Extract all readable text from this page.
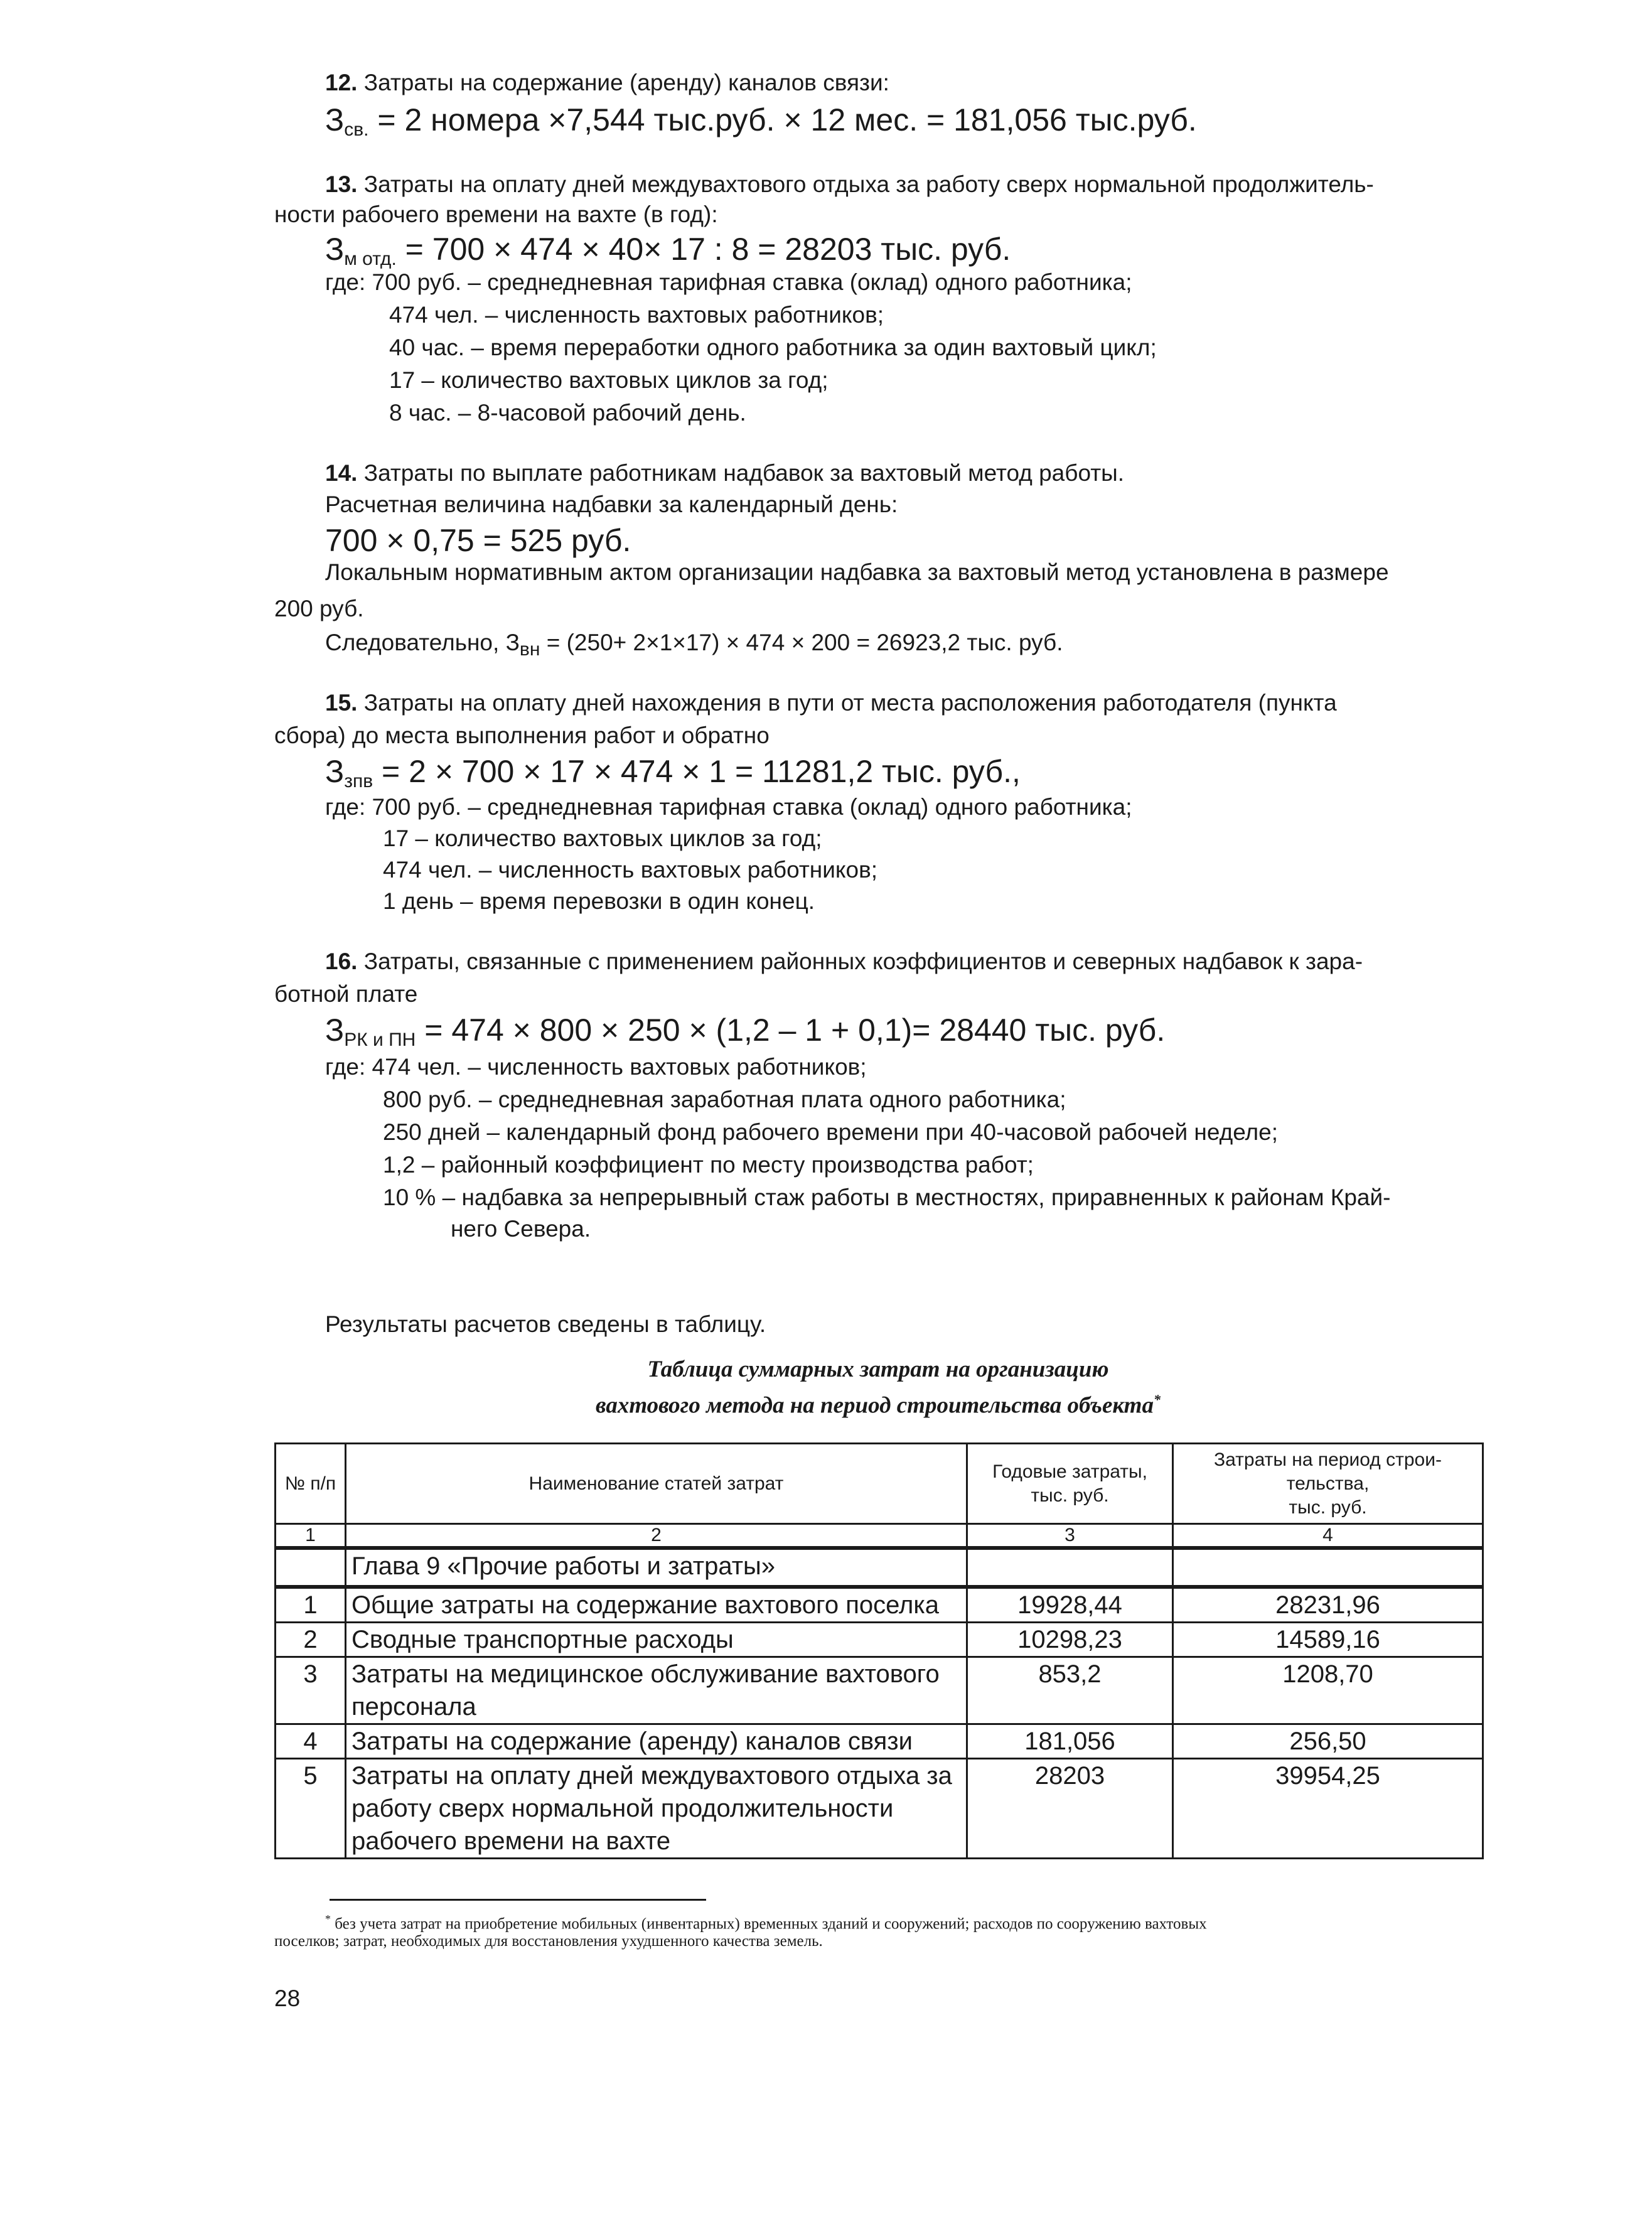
12. Затраты на содержание (аренду) каналов связи:
$З_{св.} = 2$ номера ×7,544 тыс.руб. × 12 мес. = 181,056 тыс.руб.
13. Затраты на оплату дней междувахтового отдыха за работу сверх нормальной продолжитель-
ности рабочего времени на вахте (в год):
$З_{м отд.} = 700 \times 474 \times 40\times 17$ : 8 = 28203 тыс. руб.
где: 700 руб. – среднедневная тарифная ставка (оклад) одного работника;
474 чел. – численность вахтовых работников;
40 час. – время переработки одного работника за один вахтовый цикл;
17 – количество вахтовых циклов за год;
8 час. – 8-часовой рабочий день.
14. Затраты по выплате работникам надбавок за вахтовый метод работы.
Расчетная величина надбавки за календарный день:
700 × 0,75 = 525 руб.
Локальным нормативным актом организации надбавка за вахтовый метод установлена в размере
200 руб.
Следовательно, $З_{вн} = (250+ 2\times 1\times 17) \times 474 \times 200 = 26923,2$ тыс. руб.
15. Затраты на оплату дней нахождения в пути от места расположения работодателя (пункта
сбора) до места выполнения работ и обратно
$З_{зпв} = 2 \times 700 \times 17 \times 474 \times 1 = 11281,2$ тыс. руб.,
где: 700 руб. – среднедневная тарифная ставка (оклад) одного работника;
17 – количество вахтовых циклов за год;
474 чел. – численность вахтовых работников;
1 день – время перевозки в один конец.
16. Затраты, связанные с применением районных коэффициентов и северных надбавок к зара-
ботной плате
$З_{РК и ПН} = 474 \times 800 \times 250 \times (1,2 - 1 + 0,1)= 28440$ тыс. руб.
где: 474 чел. – численность вахтовых работников;
800 руб. – среднедневная заработная плата одного работника;
250 дней – календарный фонд рабочего времени при 40-часовой рабочей неделе;
1,2 – районный коэффициент по месту производства работ;
10 % – надбавка за непрерывный стаж работы в местностях, приравненных к районам Край-
него Севера.
Результаты расчетов сведены в таблицу.
Таблица суммарных затрат на организацию
вахтового метода на период строительства объекта*
№ п/п	Наименование статей затрат	Годовые затраты,
тыс. руб.	Затраты на период строи-
тельства,
тыс. руб.
1	2	3	4
	Глава 9 «Прочие работы и затраты»		
1	Общие затраты на содержание вахтового поселка	19928,44	28231,96
2	Сводные транспортные расходы	10298,23	14589,16
3	Затраты на медицинское обслуживание вахтового персонала	853,2	1208,70
4	Затраты на содержание (аренду) каналов связи	181,056	256,50
5	Затраты на оплату дней междувахтового отдыха за работу сверх нормальной продолжительности рабочего времени на вахте	28203	39954,25
* без учета затрат на приобретение мобильных (инвентарных) временных зданий и сооружений; расходов по сооружению вахтовых
поселков; затрат, необходимых для восстановления ухудшенного качества земель.
28
